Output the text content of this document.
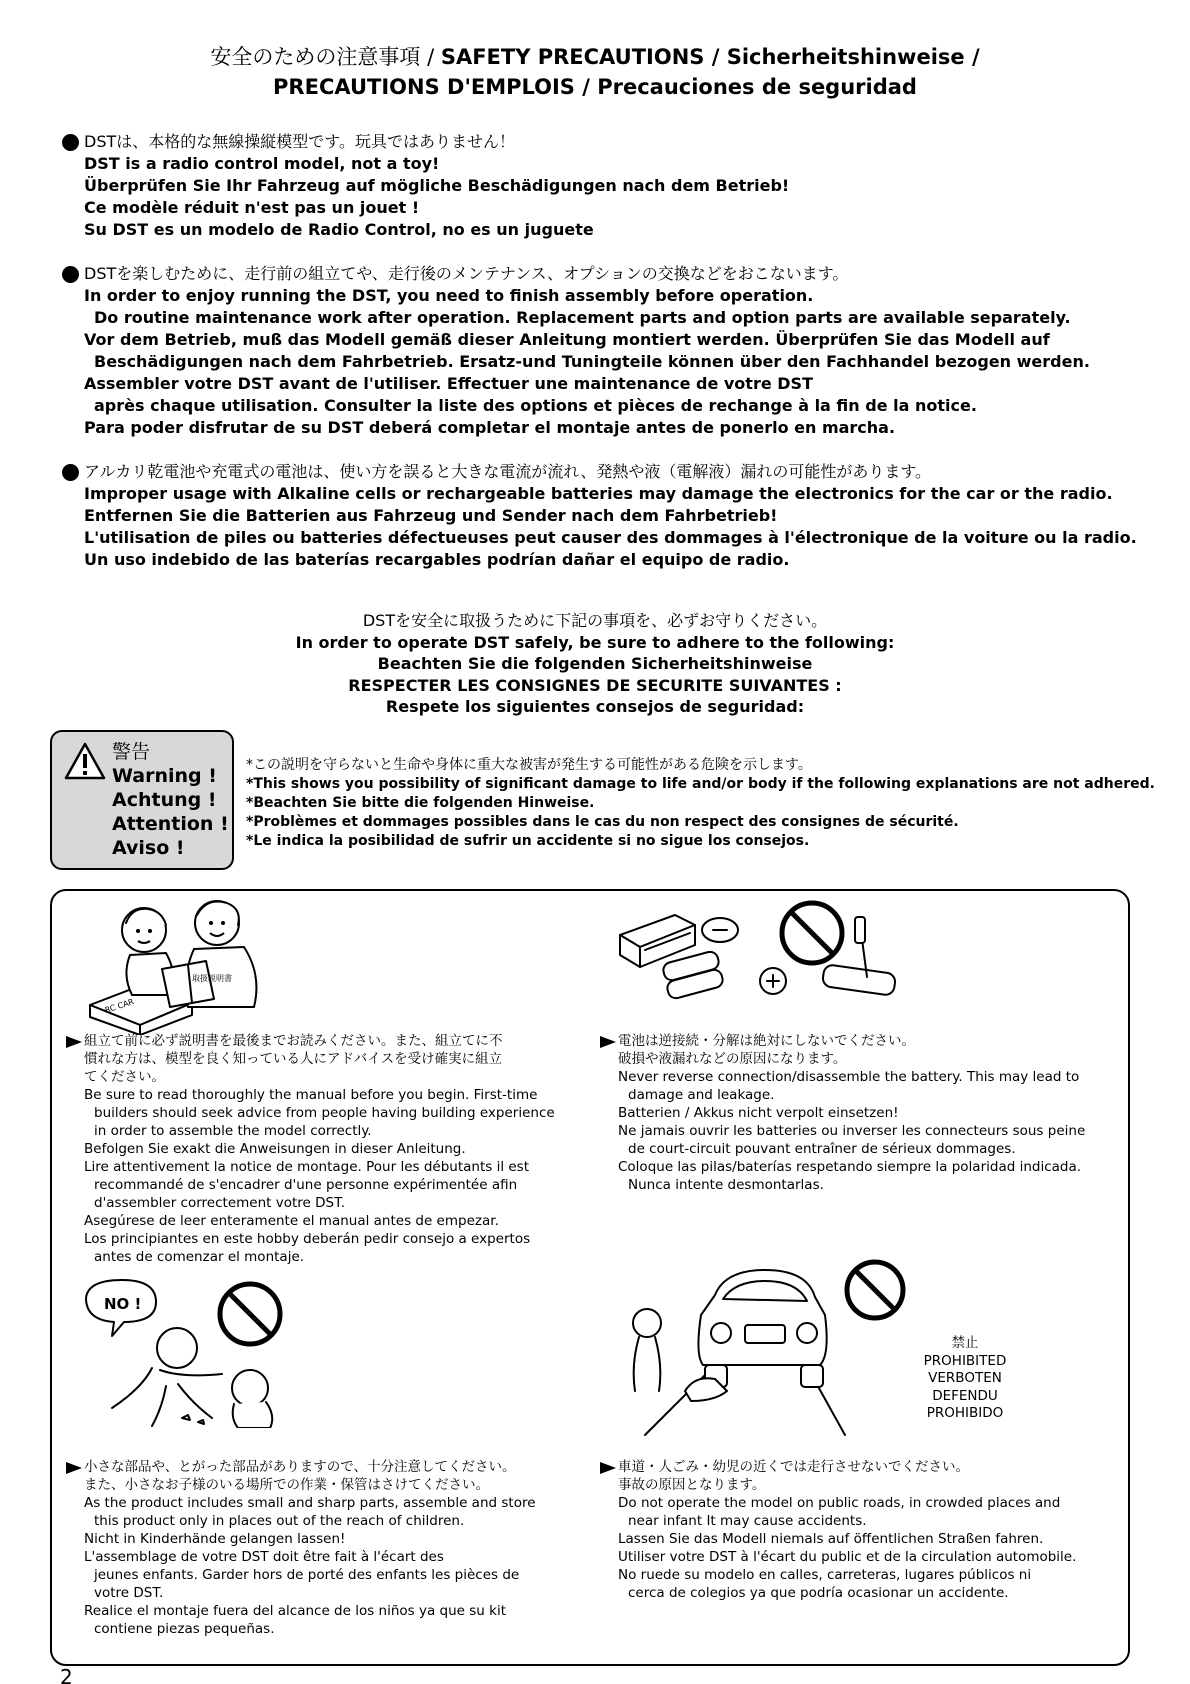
安全のための注意事項 / SAFETY PRECAUTIONS / Sicherheitshinweise /
PRECAUTIONS D'EMPLOIS / Precauciones de seguridad
DSTは、本格的な無線操縦模型です。玩具ではありません！
DST is a radio control model, not a toy!
Überprüfen Sie Ihr Fahrzeug auf mögliche Beschädigungen nach dem Betrieb!
Ce modèle réduit n'est pas un jouet !
Su DST es un modelo de Radio Control, no es un juguete
DSTを楽しむために、走行前の組立てや、走行後のメンテナンス、オプションの交換などをおこないます。
In order to enjoy running the DST, you need to finish assembly before operation.
Do routine maintenance work after operation. Replacement parts and option parts are available separately.
Vor dem Betrieb, muß das Modell gemäß dieser Anleitung montiert werden. Überprüfen Sie das Modell auf
Beschädigungen nach dem Fahrbetrieb. Ersatz-und Tuningteile können über den Fachhandel bezogen werden.
Assembler votre DST avant de l'utiliser. Effectuer une maintenance de votre DST
après chaque utilisation. Consulter la liste des options et pièces de rechange à la fin de la notice.
Para poder disfrutar de su DST deberá completar el montaje antes de ponerlo en marcha.
アルカリ乾電池や充電式の電池は、使い方を誤ると大きな電流が流れ、発熱や液（電解液）漏れの可能性があります。
Improper usage with Alkaline cells or rechargeable batteries may damage the electronics for the car or the radio.
Entfernen Sie die Batterien aus Fahrzeug und Sender nach dem Fahrbetrieb!
L'utilisation de piles ou batteries défectueuses peut causer des dommages à l'électronique de la voiture ou la radio.
Un uso indebido de las baterías recargables podrían dañar el equipo de radio.
DSTを安全に取扱うために下記の事項を、必ずお守りください。
In order to operate DST safely, be sure to adhere to the following:
Beachten Sie die folgenden Sicherheitshinweise
RESPECTER LES CONSIGNES DE SECURITE SUIVANTES :
Respete los siguientes consejos de seguridad:
警告
Warning !
Achtung !
Attention !
Aviso !
*この説明を守らないと生命や身体に重大な被害が発生する可能性がある危険を示します。
*This shows you possibility of significant damage to life and/or body if the following explanations are not adhered.
*Beachten Sie bitte die folgenden Hinweise.
*Problèmes et dommages possibles dans le cas du non respect des consignes de sécurité.
*Le indica la posibilidad de sufrir un accidente si no sigue los consejos.
取扱説明書
RC CAR
NO !
組立て前に必ず説明書を最後までお読みください。また、組立てに不
慣れな方は、模型を良く知っている人にアドバイスを受け確実に組立
てください。
Be sure to read thoroughly the manual before you begin. First-time
builders should seek advice from people having building experience
in order to assemble the model correctly.
Befolgen Sie exakt die Anweisungen in dieser Anleitung.
Lire attentivement la notice de montage. Pour les débutants il est
recommandé de s'encadrer d'une personne expérimentée afin
d'assembler correctement votre DST.
Asegúrese de leer enteramente el manual antes de empezar.
Los principiantes en este hobby deberán pedir consejo a expertos
antes de comenzar el montaje.
電池は逆接続・分解は絶対にしないでください。
破損や液漏れなどの原因になります。
Never reverse connection/disassemble the battery. This may lead to
damage and leakage.
Batterien / Akkus nicht verpolt einsetzen!
Ne jamais ouvrir les batteries ou inverser les connecteurs sous peine
de court-circuit pouvant entraîner de sérieux dommages.
Coloque las pilas/baterías respetando siempre la polaridad indicada.
Nunca intente desmontarlas.
小さな部品や、とがった部品がありますので、十分注意してください。
また、小さなお子様のいる場所での作業・保管はさけてください。
As the product includes small and sharp parts, assemble and store
this product only in places out of the reach of children.
Nicht in Kinderhände gelangen lassen!
L'assemblage de votre DST doit être fait à l'écart des
jeunes enfants. Garder hors de porté des enfants les pièces de
votre DST.
Realice el montaje fuera del alcance de los niños ya que su kit
contiene piezas pequeñas.
車道・人ごみ・幼児の近くでは走行させないでください。
事故の原因となります。
Do not operate the model on public roads, in crowded places and
near infant It may cause accidents.
Lassen Sie das Modell niemals auf öffentlichen Straßen fahren.
Utiliser votre DST à l'écart du public et de la circulation automobile.
No ruede su modelo en calles, carreteras, lugares públicos ni
cerca de colegios ya que podría ocasionar un accidente.
禁止
PROHIBITED
VERBOTEN
DEFENDU
PROHIBIDO
2
